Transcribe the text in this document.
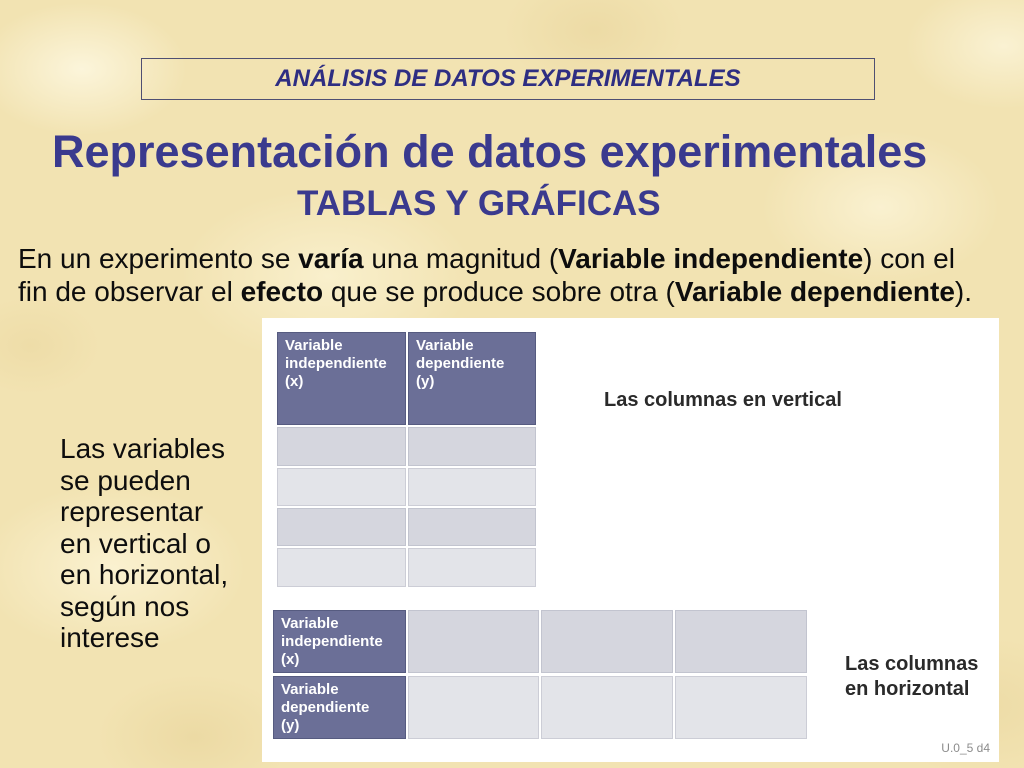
ANÁLISIS DE DATOS EXPERIMENTALES
Representación de datos experimentales
TABLAS Y GRÁFICAS
En un experimento se varía una magnitud (Variable independiente) con el
fin de observar el efecto que se produce sobre otra (Variable dependiente).
Las variables
se pueden
representar
en vertical o
en horizontal,
según nos
interese
Variable
independiente
(x)
Variable
dependiente
(y)
Las columnas en vertical
Variable
independiente
(x)
Variable
dependiente
(y)
Las columnas
en horizontal
U.0_5 d4
